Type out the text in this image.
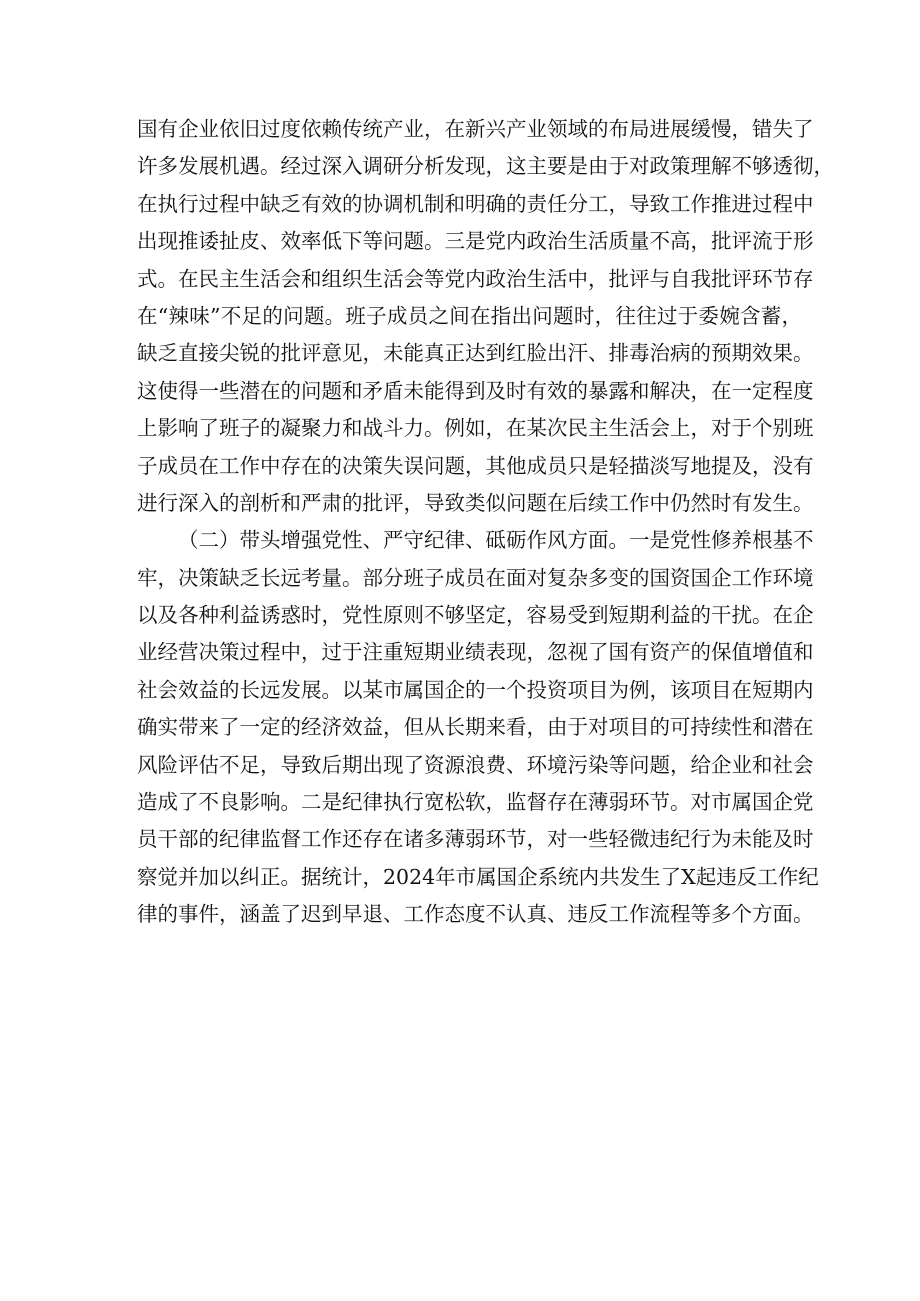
国有企业依旧过度依赖传统产业，在新兴产业领域的布局进展缓慢，错失了
许多发展机遇。经过深入调研分析发现，这主要是由于对政策理解不够透彻，
在执行过程中缺乏有效的协调机制和明确的责任分工，导致工作推进过程中
出现推诿扯皮、效率低下等问题。三是党内政治生活质量不高，批评流于形
式。在民主生活会和组织生活会等党内政治生活中，批评与自我批评环节存
在“辣味”不足的问题。班子成员之间在指出问题时，往往过于委婉含蓄，
缺乏直接尖锐的批评意见，未能真正达到红脸出汗、排毒治病的预期效果。
这使得一些潜在的问题和矛盾未能得到及时有效的暴露和解决，在一定程度
上影响了班子的凝聚力和战斗力。例如，在某次民主生活会上，对于个别班
子成员在工作中存在的决策失误问题，其他成员只是轻描淡写地提及，没有
进行深入的剖析和严肃的批评，导致类似问题在后续工作中仍然时有发生。
（二）带头增强党性、严守纪律、砥砺作风方面。一是党性修养根基不
牢，决策缺乏长远考量。部分班子成员在面对复杂多变的国资国企工作环境
以及各种利益诱惑时，党性原则不够坚定，容易受到短期利益的干扰。在企
业经营决策过程中，过于注重短期业绩表现，忽视了国有资产的保值增值和
社会效益的长远发展。以某市属国企的一个投资项目为例，该项目在短期内
确实带来了一定的经济效益，但从长期来看，由于对项目的可持续性和潜在
风险评估不足，导致后期出现了资源浪费、环境污染等问题，给企业和社会
造成了不良影响。二是纪律执行宽松软，监督存在薄弱环节。对市属国企党
员干部的纪律监督工作还存在诸多薄弱环节，对一些轻微违纪行为未能及时
察觉并加以纠正。据统计，2024年市属国企系统内共发生了X起违反工作纪
律的事件，涵盖了迟到早退、工作态度不认真、违反工作流程等多个方面。
